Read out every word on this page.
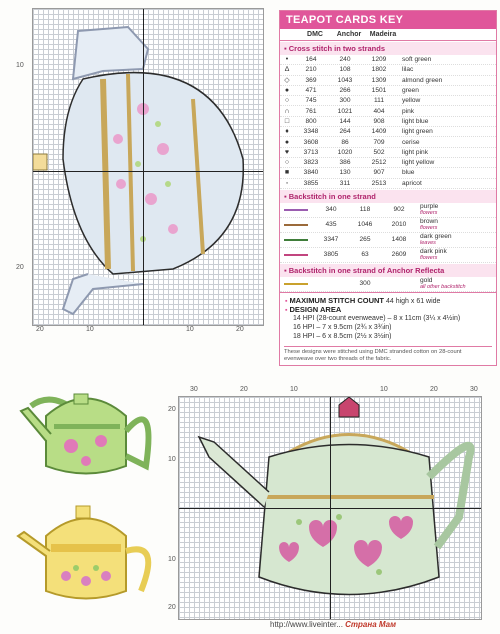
10
20
20	10	10	20
TEAPOT CARDS KEY
DMC	Anchor	Madeira
▪ Cross stitch in two strands
•	164	240	1209	soft green
∆	210	108	1802	lilac
◇	369	1043	1309	almond green
●	471	266	1501	green
○	745	300	111	yellow
∩	761	1021	404	pink
□	800	144	908	light blue
♦	3348	264	1409	light green
●	3608	86	709	cerise
♥	3713	1020	502	light pink
○	3823	386	2512	light yellow
■	3840	130	907	blue
◦	3855	311	2513	apricot
▪ Backstitch in one strand
340	118	902	purple
flowers
435	1046	2010	brown
flowers
3347	265	1408	dark green
leaves
3805	63	2609	dark pink
flowers
▪ Backstitch in one strand of Anchor Reflecta
300	gold
all other backstitch
▪ MAXIMUM STITCH COUNT 44 high x 61 wide
▪ DESIGN AREA
14 HPI (28-count evenweave) – 8 x 11cm (3¼ x 4½in)
16 HPI – 7 x 9.5cm (2¾ x 3¾in)
18 HPI – 6 x 8.5cm (2½ x 3½in)
These designs were stitched using DMC stranded cotton on 28-count evenweave over two threads of the fabric.
30	20	10	10	20	30
20
10
10
20
http://www.liveinter... Страна Мам
